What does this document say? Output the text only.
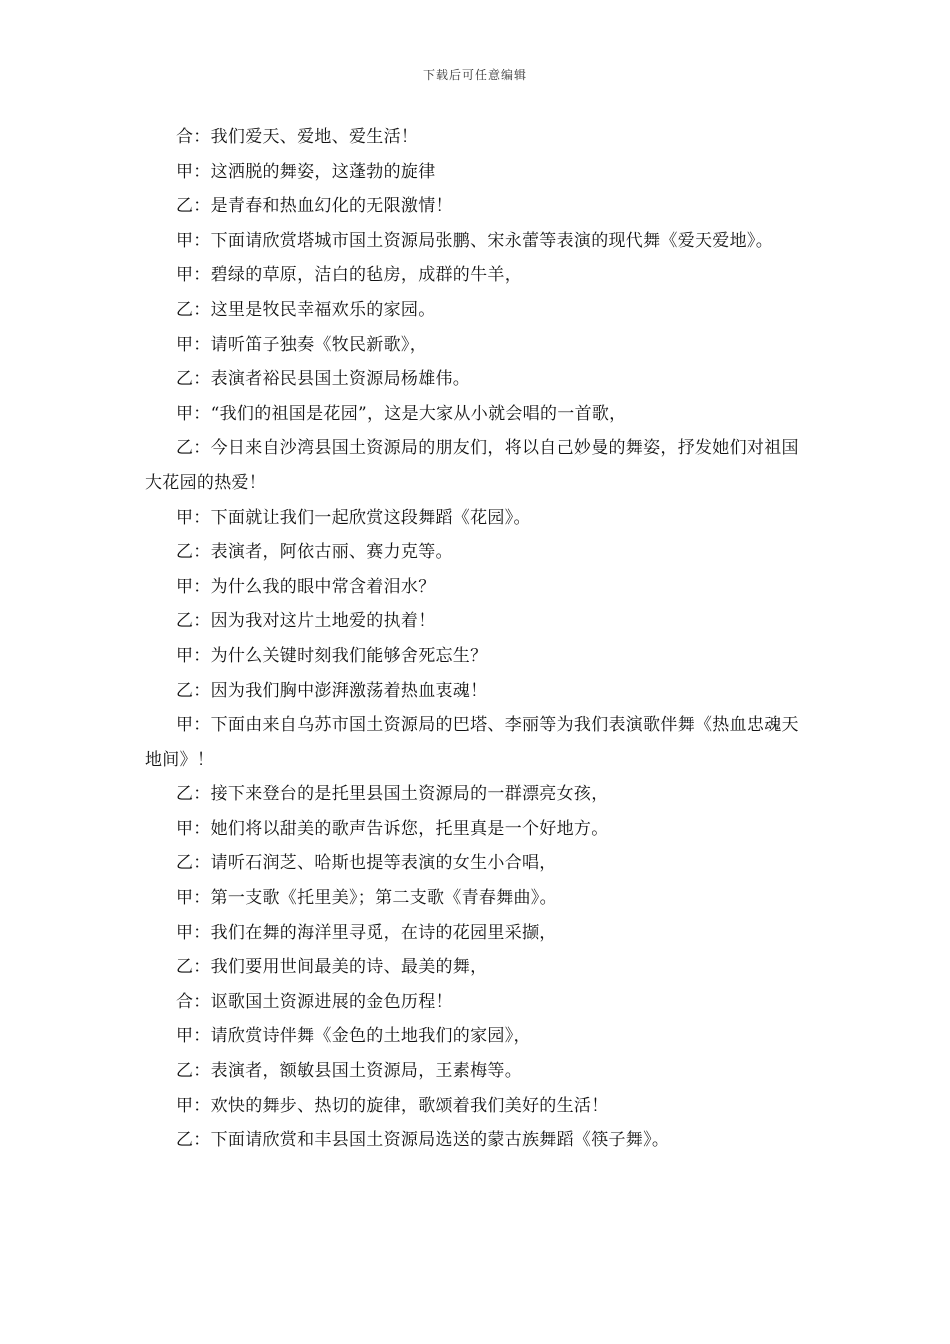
下载后可任意编辑

合：我们爱天、爱地、爱生活！

甲：这洒脱的舞姿，这蓬勃的旋律

乙：是青春和热血幻化的无限激情！

甲：下面请欣赏塔城市国土资源局张鹏、宋永蕾等表演的现代舞《爱天爱地》。

甲：碧绿的草原，洁白的毡房，成群的牛羊，

乙：这里是牧民幸福欢乐的家园。

甲：请听笛子独奏《牧民新歌》，

乙：表演者裕民县国土资源局杨雄伟。

甲：“我们的祖国是花园”，这是大家从小就会唱的一首歌，

乙：今日来自沙湾县国土资源局的朋友们，将以自己妙曼的舞姿，抒发她们对祖国大花园的热爱！

甲：下面就让我们一起欣赏这段舞蹈《花园》。

乙：表演者，阿依古丽、赛力克等。

甲：为什么我的眼中常含着泪水？

乙：因为我对这片土地爱的执着！

甲：为什么关键时刻我们能够舍死忘生？

乙：因为我们胸中澎湃激荡着热血衷魂！

甲：下面由来自乌苏市国土资源局的巴塔、李丽等为我们表演歌伴舞《热血忠魂天地间》！

乙：接下来登台的是托里县国土资源局的一群漂亮女孩，

甲：她们将以甜美的歌声告诉您，托里真是一个好地方。

乙：请听石润芝、哈斯也提等表演的女生小合唱，

甲：第一支歌《托里美》；第二支歌《青春舞曲》。

甲：我们在舞的海洋里寻觅，在诗的花园里采撷，

乙：我们要用世间最美的诗、最美的舞，

合：讴歌国土资源进展的金色历程！

甲：请欣赏诗伴舞《金色的土地我们的家园》，

乙：表演者，额敏县国土资源局，王素梅等。

甲：欢快的舞步、热切的旋律，歌颂着我们美好的生活！

乙：下面请欣赏和丰县国土资源局选送的蒙古族舞蹈《筷子舞》。
